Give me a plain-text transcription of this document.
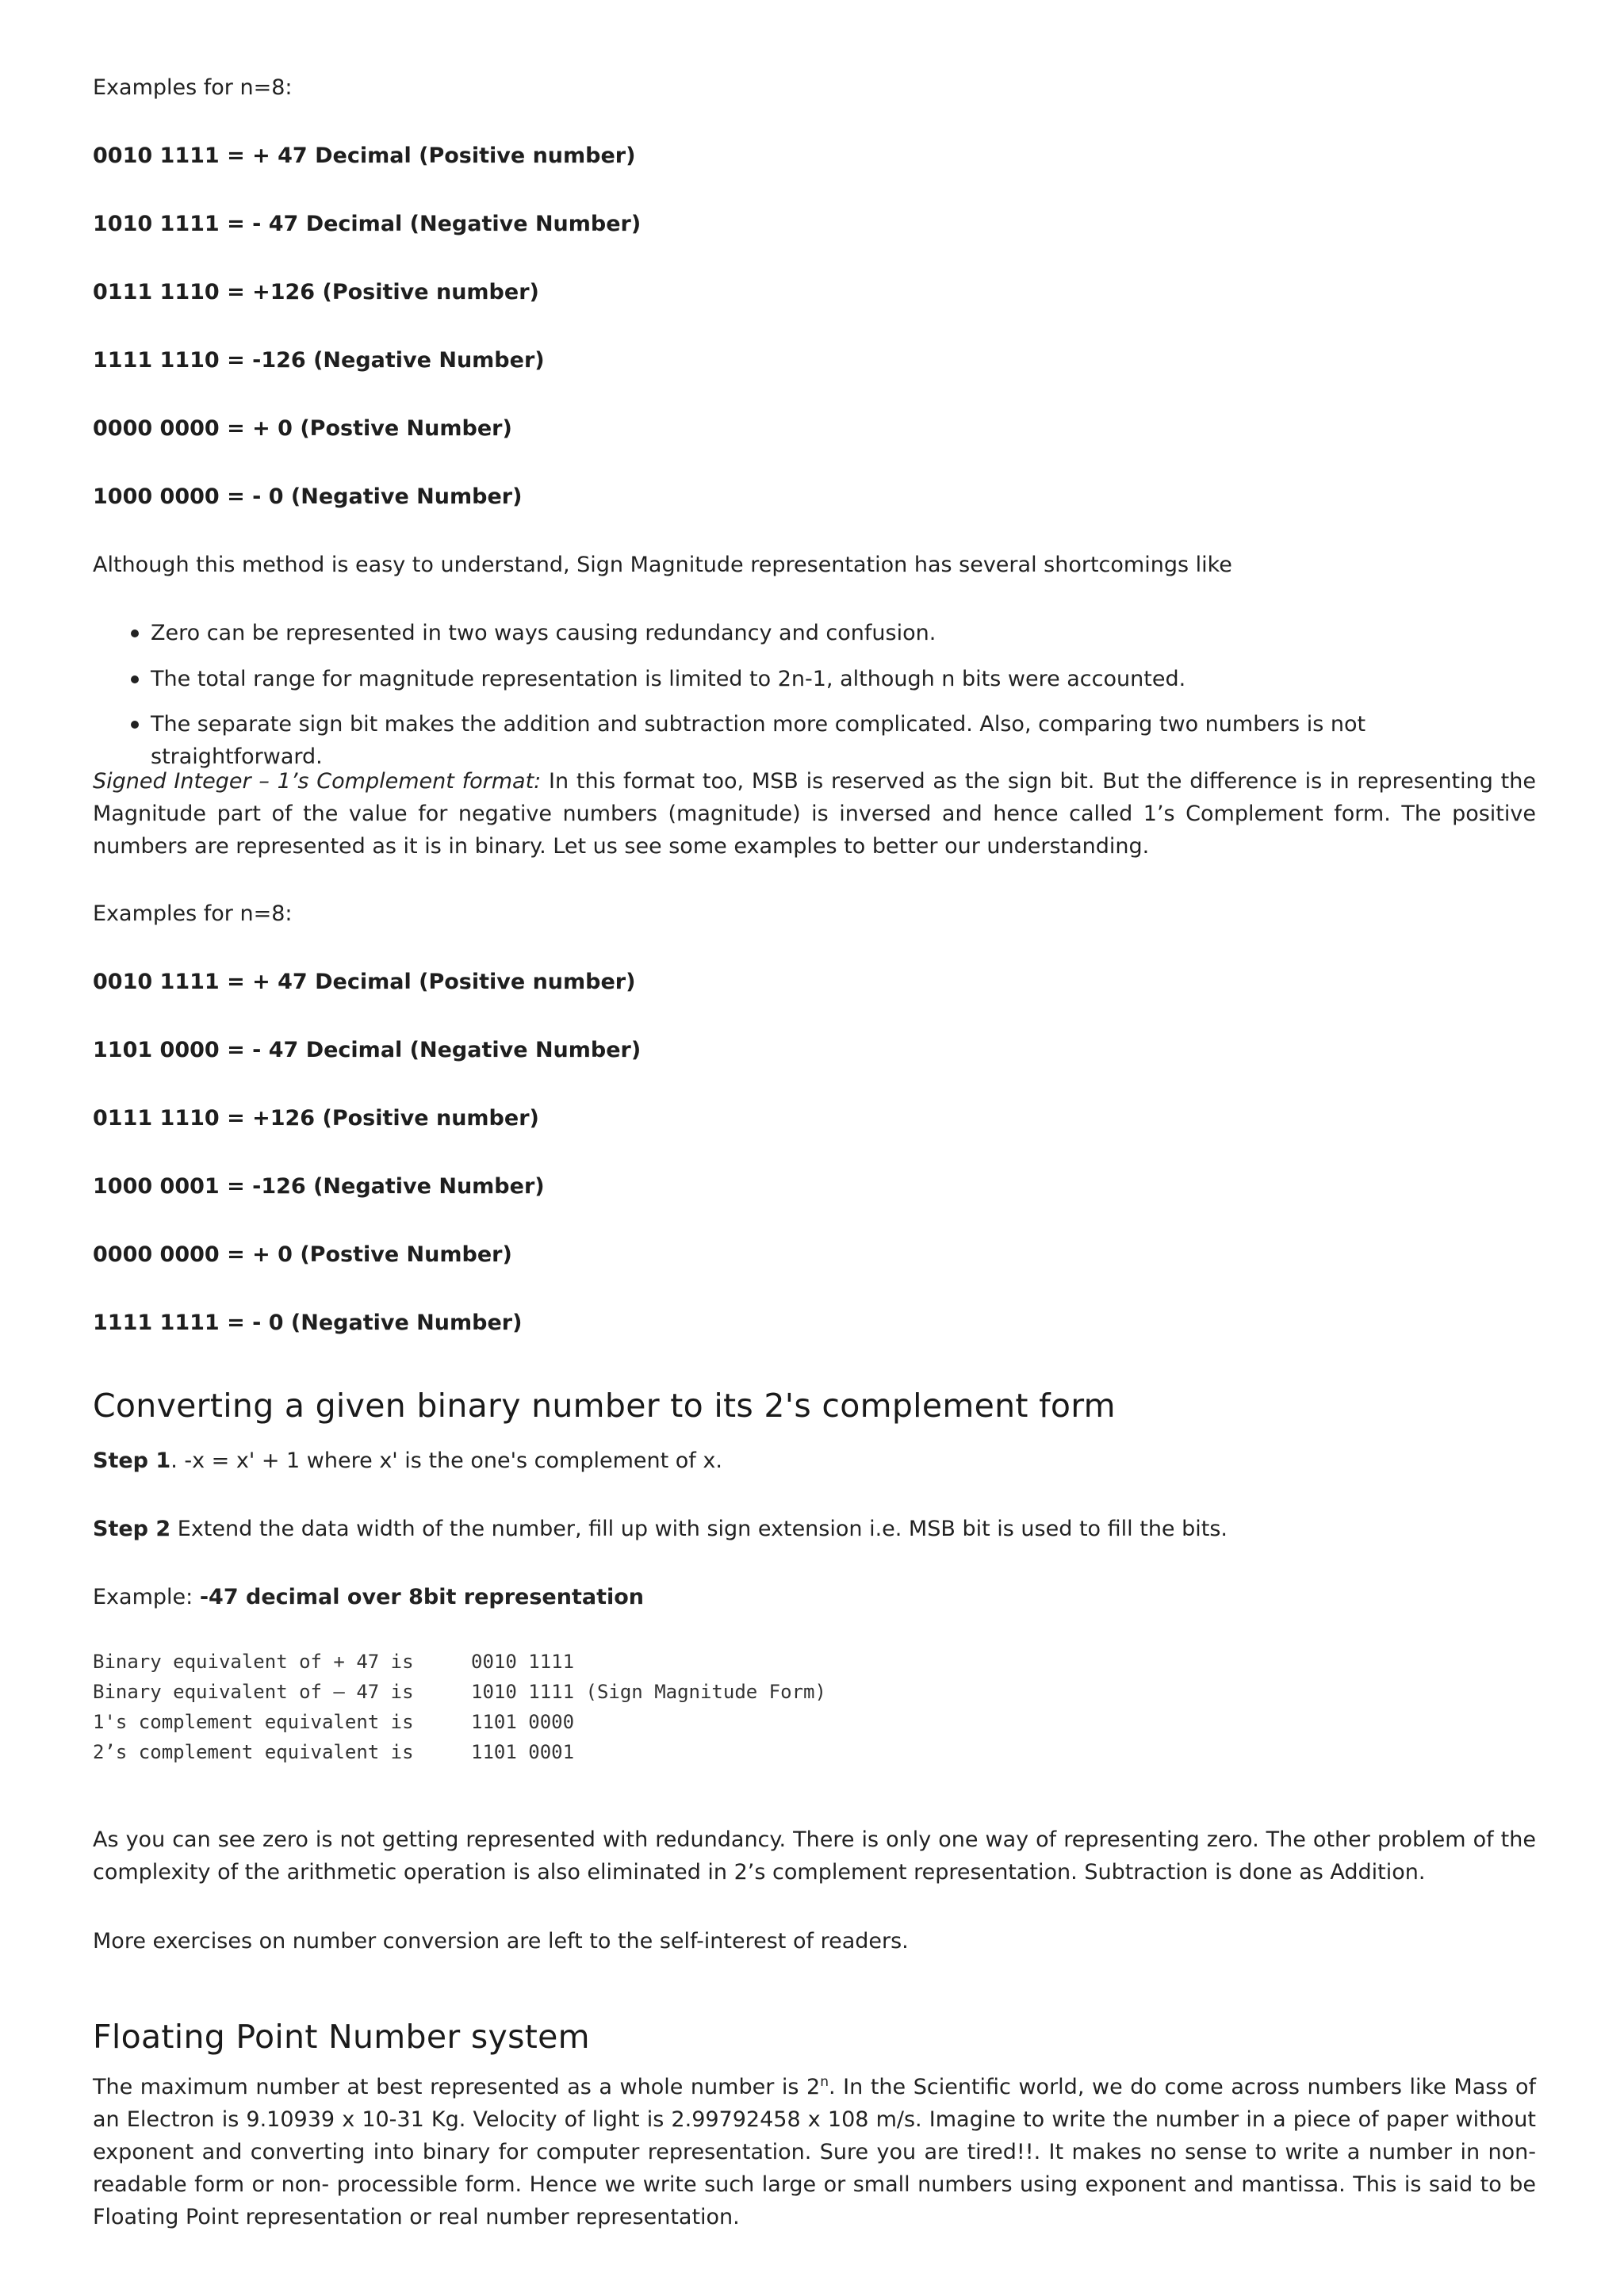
Examples for n=8:

0010 1111 = + 47 Decimal (Positive number)

1010 1111 = - 47 Decimal (Negative Number)

0111 1110 = +126 (Positive number)

1111 1110 = -126 (Negative Number)

0000 0000 = + 0 (Postive Number)

1000 0000 = - 0 (Negative Number)

Although this method is easy to understand, Sign Magnitude representation has several shortcomings like

Zero can be represented in two ways causing redundancy and confusion.
The total range for magnitude representation is limited to 2n-1, although n bits were accounted.
The separate sign bit makes the addition and subtraction more complicated. Also, comparing two numbers is not straightforward.

Signed Integer – 1’s Complement format: In this format too, MSB is reserved as the sign bit. But the difference is in representing the Magnitude part of the value for negative numbers (magnitude) is inversed and hence called 1’s Complement form. The positive numbers are represented as it is in binary. Let us see some examples to better our understanding.

Examples for n=8:

0010 1111 = + 47 Decimal (Positive number)

1101 0000 = - 47 Decimal (Negative Number)

0111 1110 = +126 (Positive number)

1000 0001 = -126 (Negative Number)

0000 0000 = + 0 (Postive Number)

1111 1111 = - 0 (Negative Number)

Converting a given binary number to its 2's complement form

Step 1. -x = x' + 1 where x' is the one's complement of x.

Step 2 Extend the data width of the number, fill up with sign extension i.e. MSB bit is used to fill the bits.

Example: -47 decimal over 8bit representation

Binary equivalent of + 47 is	0010 1111
Binary equivalent of – 47 is	1010 1111 (Sign Magnitude Form)
1's complement equivalent is	1101 0000
2’s complement equivalent is	1101 0001

As you can see zero is not getting represented with redundancy. There is only one way of representing zero. The other problem of the complexity of the arithmetic operation is also eliminated in 2’s complement representation. Subtraction is done as Addition.

More exercises on number conversion are left to the self-interest of readers.

Floating Point Number system

The maximum number at best represented as a whole number is 2$^n$. In the Scientific world, we do come across numbers like Mass of an Electron is 9.10939 x 10-31 Kg. Velocity of light is 2.99792458 x 108 m/s. Imagine to write the number in a piece of paper without exponent and converting into binary for computer representation. Sure you are tired!!. It makes no sense to write a number in non- readable form or non- processible form. Hence we write such large or small numbers using exponent and mantissa. This is said to be Floating Point representation or real number representation.
